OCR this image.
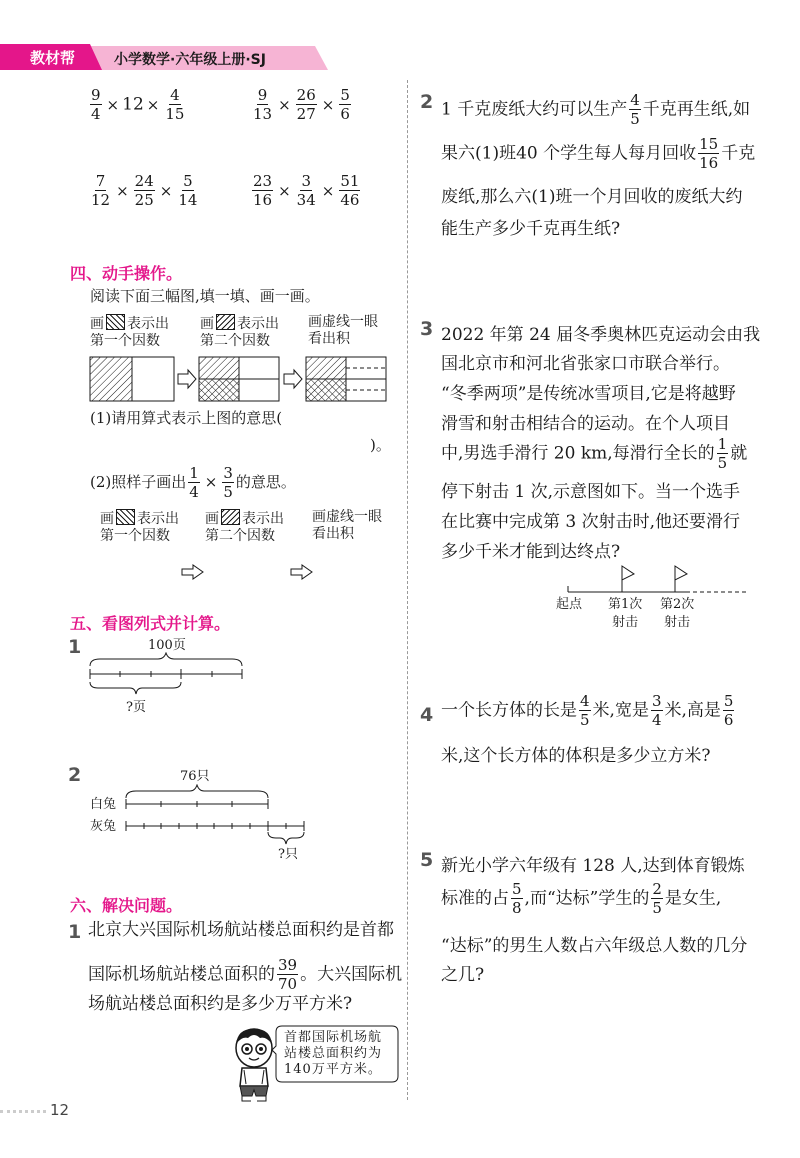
教材帮	小学数学·六年级上册·SJ
$\frac{9}{4} \times 12 \times \frac{4}{15}$	$\frac{9}{13} \times \frac{26}{27} \times \frac{5}{6}$
$\frac{7}{12} \times \frac{24}{25} \times \frac{5}{14}$	$\frac{23}{16} \times \frac{3}{34} \times \frac{51}{46}$
四、动手操作。
阅读下面三幅图,填一填、画一画。
画 表示出
第一个因数
画 表示出
第二个因数
画虚线一眼
看出积
(1)请用算式表示上图的意思(
)。
(2)照样子画出 $\frac{1}{4} \times \frac{3}{5}$ 的意思。
画 表示出
第一个因数
画 表示出
第二个因数
画虚线一眼
看出积
五、看图列式并计算。
1	100页
?页
2	76只
白兔
灰兔
?只
六、解决问题。
1 北京大兴国际机场航站楼总面积约是首都
国际机场航站楼总面积的 $\frac{39}{70}$ 。大兴国际机
场航站楼总面积约是多少万平方米?
首都国际机场航
站楼总面积约为
140万平方米。
12
2 1 千克废纸大约可以生产 $\frac{4}{5}$ 千克再生纸,如
果六(1)班40 个学生每人每月回收 $\frac{15}{16}$ 千克
废纸,那么六(1)班一个月回收的废纸大约
能生产多少千克再生纸?
3 2022 年第 24 届冬季奥林匹克运动会由我
国北京市和河北省张家口市联合举行。
“冬季两项”是传统冰雪项目,它是将越野
滑雪和射击相结合的运动。在个人项目
中,男选手滑行 20 km,每滑行全长的 $\frac{1}{5}$ 就
停下射击 1 次,示意图如下。当一个选手
在比赛中完成第 3 次射击时,他还要滑行
多少千米才能到达终点?
起点 第1次
射击
第2次
射击
4 一个长方体的长是 $\frac{4}{5}$ 米,宽是 $\frac{3}{4}$ 米,高是 $\frac{5}{6}$
米,这个长方体的体积是多少立方米?
5 新光小学六年级有 128 人,达到体育锻炼
标准的占 $\frac{5}{8}$ ,而“达标”学生的 $\frac{2}{5}$ 是女生,
“达标”的男生人数占六年级总人数的几分
之几?
